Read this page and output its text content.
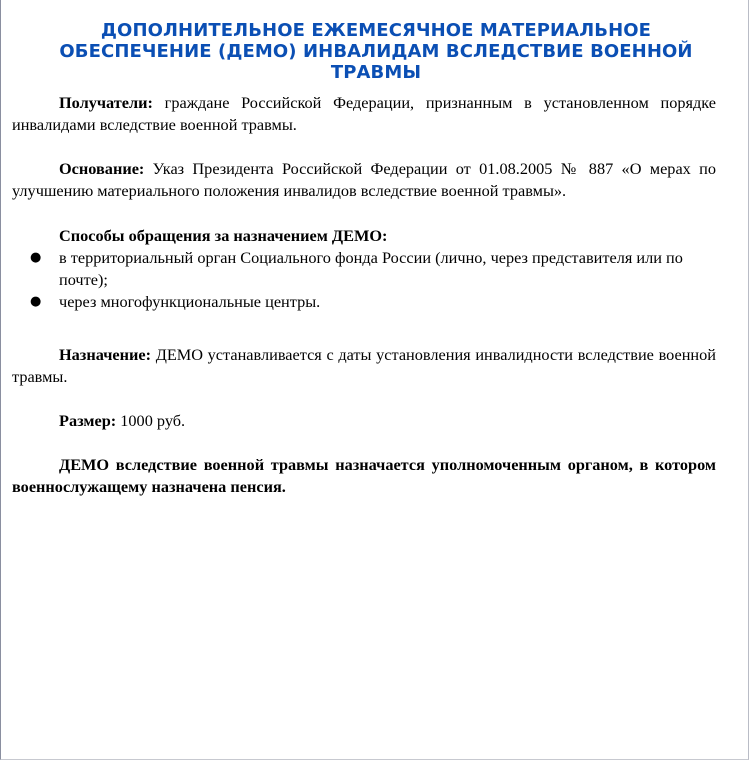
ДОПОЛНИТЕЛЬНОЕ ЕЖЕМЕСЯЧНОЕ МАТЕРИАЛЬНОЕ ОБЕСПЕЧЕНИЕ (ДЕМО) ИНВАЛИДАМ ВСЛЕДСТВИЕ ВОЕННОЙ ТРАВМЫ

Получатели: граждане Российской Федерации, признанным в установленном порядке инвалидами вследствие военной травмы.

Основание: Указ Президента Российской Федерации от 01.08.2005 № 887 «О мерах по улучшению материального положения инвалидов вследствие военной травмы».

Способы обращения за назначением ДЕМО:

● в территориальный орган Социального фонда России (лично, через представителя или по почте);
● через многофункциональные центры.

Назначение: ДЕМО устанавливается с даты установления инвалидности вследствие военной травмы.

Размер: 1000 руб.

ДЕМО вследствие военной травмы назначается уполномоченным органом, в котором военнослужащему назначена пенсия.
